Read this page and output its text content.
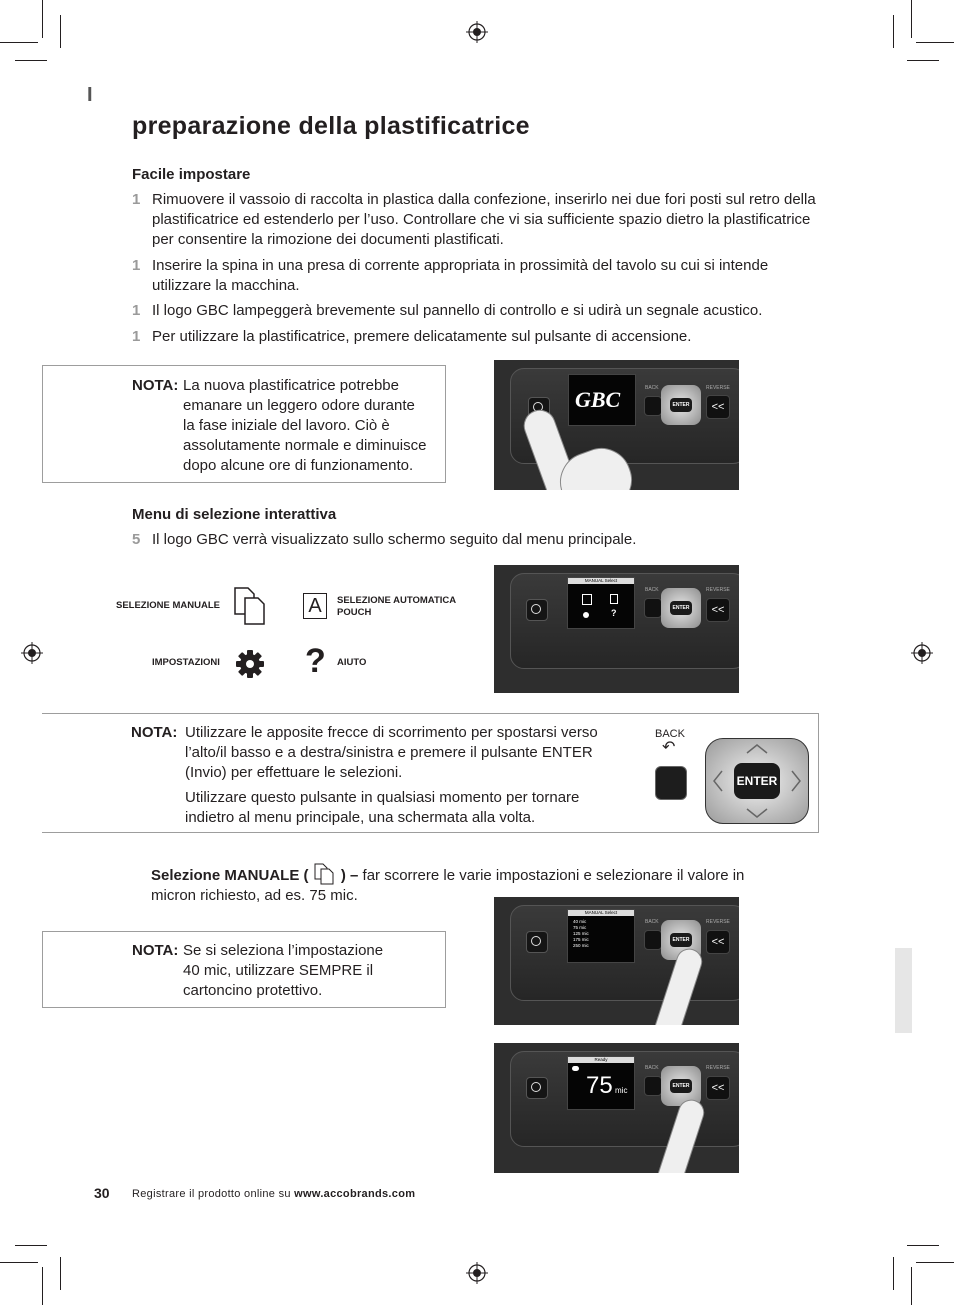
I
preparazione della plastificatrice
Facile impostare
1 Rimuovere il vassoio di raccolta in plastica dalla confezione, inserirlo nei due fori posti sul retro della plastificatrice ed estenderlo per l’uso. Controllare che vi sia sufficiente spazio dietro la plastificatrice per consentire la rimozione dei documenti plastificati.
1 Inserire la spina in una presa di corrente appropriata in prossimità del tavolo su cui si intende utilizzare la macchina.
1 Il logo GBC lampeggerà brevemente sul pannello di controllo e si udirà un segnale acustico.
1 Per utilizzare la plastificatrice, premere delicatamente sul pulsante di accensione.
NOTA: La nuova plastificatrice potrebbe
emanare un leggero odore durante
la fase iniziale del lavoro. Ciò è
assolutamente normale e diminuisce
dopo alcune ore di funzionamento.
GBC	BACK
ENTER
REVERSE
<<
Menu di selezione interattiva
5 Il logo GBC verrà visualizzato sullo schermo seguito dal menu principale.
SELEZIONE MANUALE	A	SELEZIONE AUTOMATICA
POUCH
IMPOSTAZIONI	? AIUTO
MANUAL Select
?
BACK
ENTER
REVERSE
<<
NOTA: Utilizzare le apposite frecce di scorrimento per spostarsi verso
l’alto/il basso e a destra/sinistra e premere il pulsante ENTER
(Invio) per effettuare le selezioni.
Utilizzare questo pulsante in qualsiasi momento per tornare
indietro al menu principale, una schermata alla volta.
BACK
↶
ENTER
Selezione MANUALE ( ) – far scorrere le varie impostazioni e selezionare il valore in
micron richiesto, ad es. 75 mic.
NOTA: Se si seleziona l’impostazione
40 mic, utilizzare SEMPRE il
cartoncino protettivo.
MANUAL Select
40 mic
75 mic
125 mic
175 mic
250 mic
BACK
ENTER
REVERSE
<<
Ready
75 mic
BACK
ENTER
REVERSE
<<
30 Registrare il prodotto online su www.accobrands.com
